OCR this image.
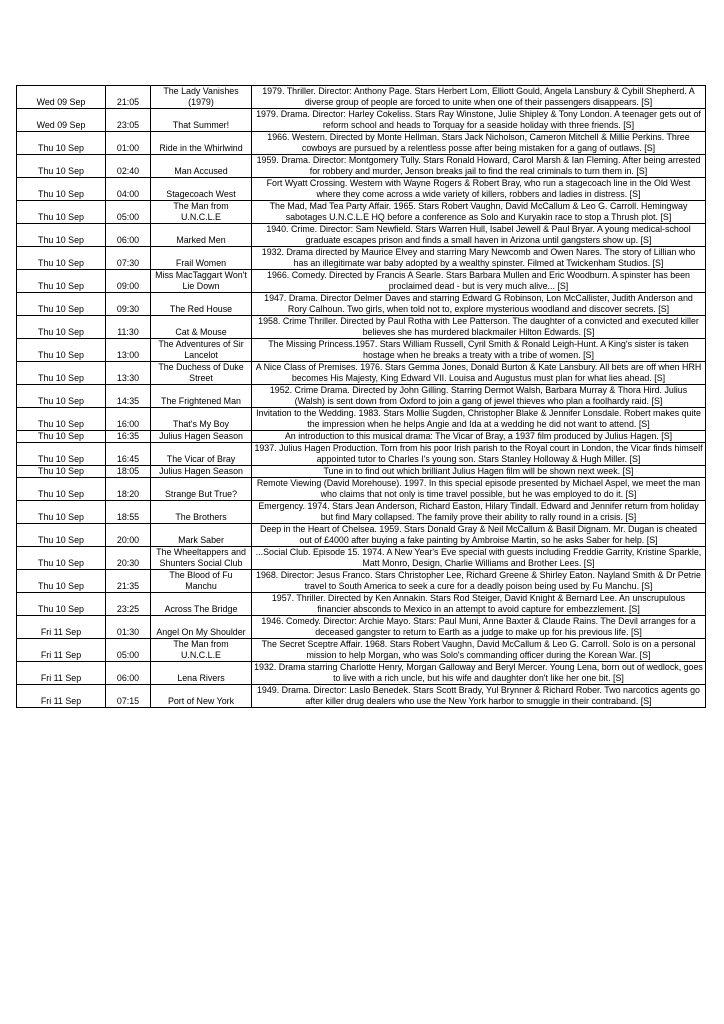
Wed 09 Sep	21:05	The Lady Vanishes (1979)	1979. Thriller. Director: Anthony Page. Stars Herbert Lom, Elliott Gould, Angela Lansbury & Cybill Shepherd. A diverse group of people are forced to unite when one of their passengers disappears. [S]
Wed 09 Sep	23:05	That Summer!	1979. Drama. Director: Harley Cokeliss. Stars Ray Winstone, Julie Shipley & Tony London. A teenager gets out of reform school and heads to Torquay for a seaside holiday with three friends. [S]
Thu 10 Sep	01:00	Ride in the Whirlwind	1966. Western. Directed by Monte Hellman. Stars Jack Nicholson, Cameron Mitchell & Millie Perkins. Three cowboys are pursued by a relentless posse after being mistaken for a gang of outlaws. [S]
Thu 10 Sep	02:40	Man Accused	1959. Drama. Director: Montgomery Tully. Stars Ronald Howard, Carol Marsh & Ian Fleming. After being arrested for robbery and murder, Jenson breaks jail to find the real criminals to turn them in. [S]
Thu 10 Sep	04:00	Stagecoach West	Fort Wyatt Crossing. Western with Wayne Rogers & Robert Bray, who run a stagecoach line in the Old West where they come across a wide variety of killers, robbers and ladies in distress. [S]
Thu 10 Sep	05:00	The Man from U.N.C.L.E	The Mad, Mad Tea Party Affair. 1965. Stars Robert Vaughn, David McCallum & Leo G. Carroll. Hemingway sabotages U.N.C.L.E HQ before a conference as Solo and Kuryakin race to stop a Thrush plot. [S]
Thu 10 Sep	06:00	Marked Men	1940. Crime. Director: Sam Newfield. Stars Warren Hull, Isabel Jewell & Paul Bryar. A young medical-school graduate escapes prison and finds a small haven in Arizona until gangsters show up. [S]
Thu 10 Sep	07:30	Frail Women	1932. Drama directed by Maurice Elvey and starring Mary Newcomb and Owen Nares. The story of Lillian who has an illegitimate war baby adopted by a wealthy spinster. Filmed at Twickenham Studios. [S]
Thu 10 Sep	09:00	Miss MacTaggart Won't Lie Down	1966. Comedy. Directed by Francis A Searle. Stars Barbara Mullen and Eric Woodburn. A spinster has been proclaimed dead - but is very much alive... [S]
Thu 10 Sep	09:30	The Red House	1947. Drama. Director Delmer Daves and starring Edward G Robinson, Lon McCallister, Judith Anderson and Rory Calhoun. Two girls, when told not to, explore mysterious woodland and discover secrets. [S]
Thu 10 Sep	11:30	Cat & Mouse	1958. Crime Thriller. Directed by Paul Rotha with Lee Patterson. The daughter of a convicted and executed killer believes she has murdered blackmailer Hilton Edwards. [S]
Thu 10 Sep	13:00	The Adventures of Sir Lancelot	The Missing Princess.1957. Stars William Russell, Cyril Smith & Ronald Leigh-Hunt. A King's sister is taken hostage when he breaks a treaty with a tribe of women. [S]
Thu 10 Sep	13:30	The Duchess of Duke Street	A Nice Class of Premises. 1976. Stars Gemma Jones, Donald Burton & Kate Lansbury. All bets are off when HRH becomes His Majesty, King Edward VII. Louisa and Augustus must plan for what lies ahead. [S]
Thu 10 Sep	14:35	The Frightened Man	1952. Crime Drama. Directed by John Gilling. Starring Dermot Walsh, Barbara Murray & Thora Hird. Julius (Walsh) is sent down from Oxford to join a gang of jewel thieves who plan a foolhardy raid. [S]
Thu 10 Sep	16:00	That's My Boy	Invitation to the Wedding. 1983. Stars Mollie Sugden, Christopher Blake & Jennifer Lonsdale. Robert makes quite the impression when he helps Angie and Ida at a wedding he did not want to attend. [S]
Thu 10 Sep	16:35	Julius Hagen Season	An introduction to this musical drama: The Vicar of Bray, a 1937 film produced by Julius Hagen. [S]
Thu 10 Sep	16:45	The Vicar of Bray	1937. Julius Hagen Production. Torn from his poor Irish parish to the Royal court in London, the Vicar finds himself appointed tutor to Charles I's young son. Stars Stanley Holloway & Hugh Miller. [S]
Thu 10 Sep	18:05	Julius Hagen Season	Tune in to find out which brilliant Julius Hagen film will be shown next week. [S]
Thu 10 Sep	18:20	Strange But True?	Remote Viewing (David Morehouse). 1997. In this special episode presented by Michael Aspel, we meet the man who claims that not only is time travel possible, but he was employed to do it. [S]
Thu 10 Sep	18:55	The Brothers	Emergency. 1974. Stars Jean Anderson, Richard Easton, Hilary Tindall. Edward and Jennifer return from holiday but find Mary collapsed. The family prove their ability to rally round in a crisis. [S]
Thu 10 Sep	20:00	Mark Saber	Deep in the Heart of Chelsea. 1959. Stars Donald Gray & Neil McCallum & Basil Dignam. Mr. Dugan is cheated out of £4000 after buying a fake painting by Ambroise Martin, so he asks Saber for help. [S]
Thu 10 Sep	20:30	The Wheeltappers and Shunters Social Club	...Social Club. Episode 15. 1974. A New Year's Eve special with guests including Freddie Garrity, Kristine Sparkle, Matt Monro, Design, Charlie Williams and Brother Lees. [S]
Thu 10 Sep	21:35	The Blood of Fu Manchu	1968. Director: Jesus Franco. Stars Christopher Lee, Richard Greene & Shirley Eaton. Nayland Smith & Dr Petrie travel to South America to seek a cure for a deadly poison being used by Fu Manchu. [S]
Thu 10 Sep	23:25	Across The Bridge	1957. Thriller. Directed by Ken Annakin. Stars Rod Steiger, David Knight & Bernard Lee. An unscrupulous financier absconds to Mexico in an attempt to avoid capture for embezzlement. [S]
Fri 11 Sep	01:30	Angel On My Shoulder	1946. Comedy. Director: Archie Mayo. Stars: Paul Muni, Anne Baxter & Claude Rains. The Devil arranges for a deceased gangster to return to Earth as a judge to make up for his previous life. [S]
Fri 11 Sep	05:00	The Man from U.N.C.L.E	The Secret Sceptre Affair. 1968. Stars Robert Vaughn, David McCallum & Leo G. Carroll. Solo is on a personal mission to help Morgan, who was Solo's commanding officer during the Korean War. [S]
Fri 11 Sep	06:00	Lena Rivers	1932. Drama starring Charlotte Henry, Morgan Galloway and Beryl Mercer. Young Lena, born out of wedlock, goes to live with a rich uncle, but his wife and daughter don't like her one bit. [S]
Fri 11 Sep	07:15	Port of New York	1949. Drama. Director: Laslo Benedek. Stars Scott Brady, Yul Brynner & Richard Rober. Two narcotics agents go after killer drug dealers who use the New York harbor to smuggle in their contraband. [S]
